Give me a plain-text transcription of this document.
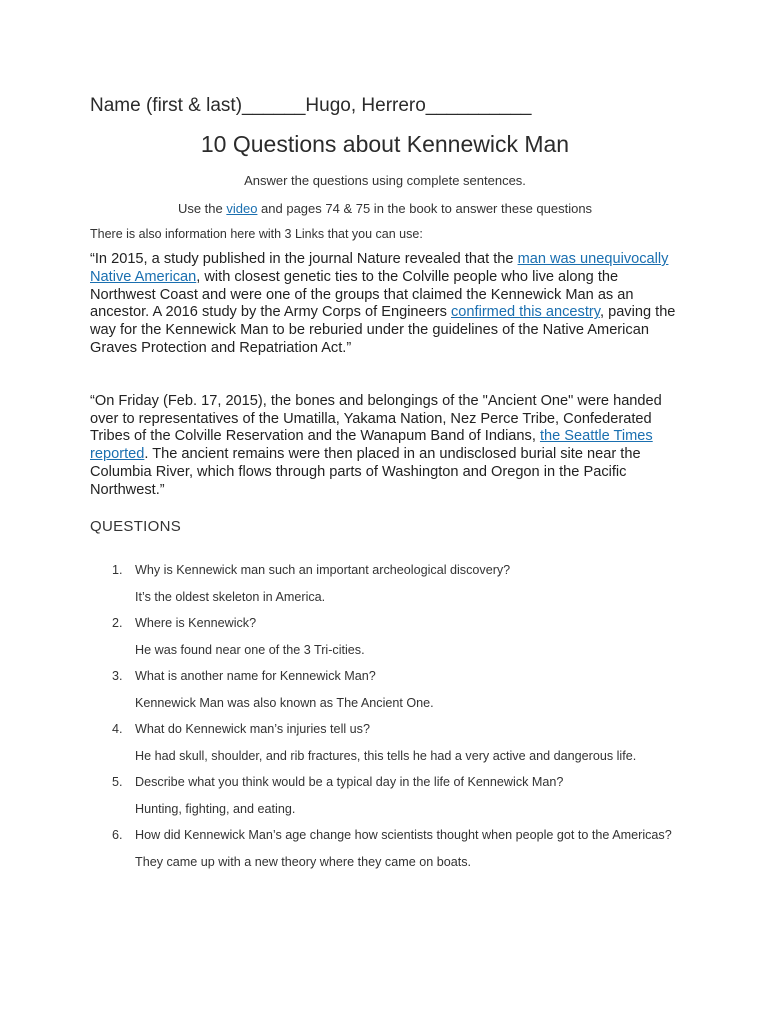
Name (first & last)______Hugo, Herrero__________
10 Questions about Kennewick Man
Answer the questions using complete sentences.
Use the video and pages 74 & 75 in the book to answer these questions
There is also information here with 3 Links that you can use:
“In 2015, a study published in the journal Nature revealed that the man was unequivocally Native American, with closest genetic ties to the Colville people who live along the Northwest Coast and were one of the groups that claimed the Kennewick Man as an ancestor. A 2016 study by the Army Corps of Engineers confirmed this ancestry, paving the way for the Kennewick Man to be reburied under the guidelines of the Native American Graves Protection and Repatriation Act.”
“On Friday (Feb. 17, 2015), the bones and belongings of the "Ancient One" were handed over to representatives of the Umatilla, Yakama Nation, Nez Perce Tribe, Confederated Tribes of the Colville Reservation and the Wanapum Band of Indians, the Seattle Times reported. The ancient remains were then placed in an undisclosed burial site near the Columbia River, which flows through parts of Washington and Oregon in the Pacific Northwest.”
QUESTIONS
1. Why is Kennewick man such an important archeological discovery?
It’s the oldest skeleton in America.
2. Where is Kennewick?
He was found near one of the 3 Tri-cities.
3. What is another name for Kennewick Man?
Kennewick Man was also known as The Ancient One.
4. What do Kennewick man’s injuries tell us?
He had skull, shoulder, and rib fractures, this tells he had a very active and dangerous life.
5. Describe what you think would be a typical day in the life of Kennewick Man?
Hunting, fighting, and eating.
6. How did Kennewick Man’s age change how scientists thought when people got to the Americas?
They came up with a new theory where they came on boats.
